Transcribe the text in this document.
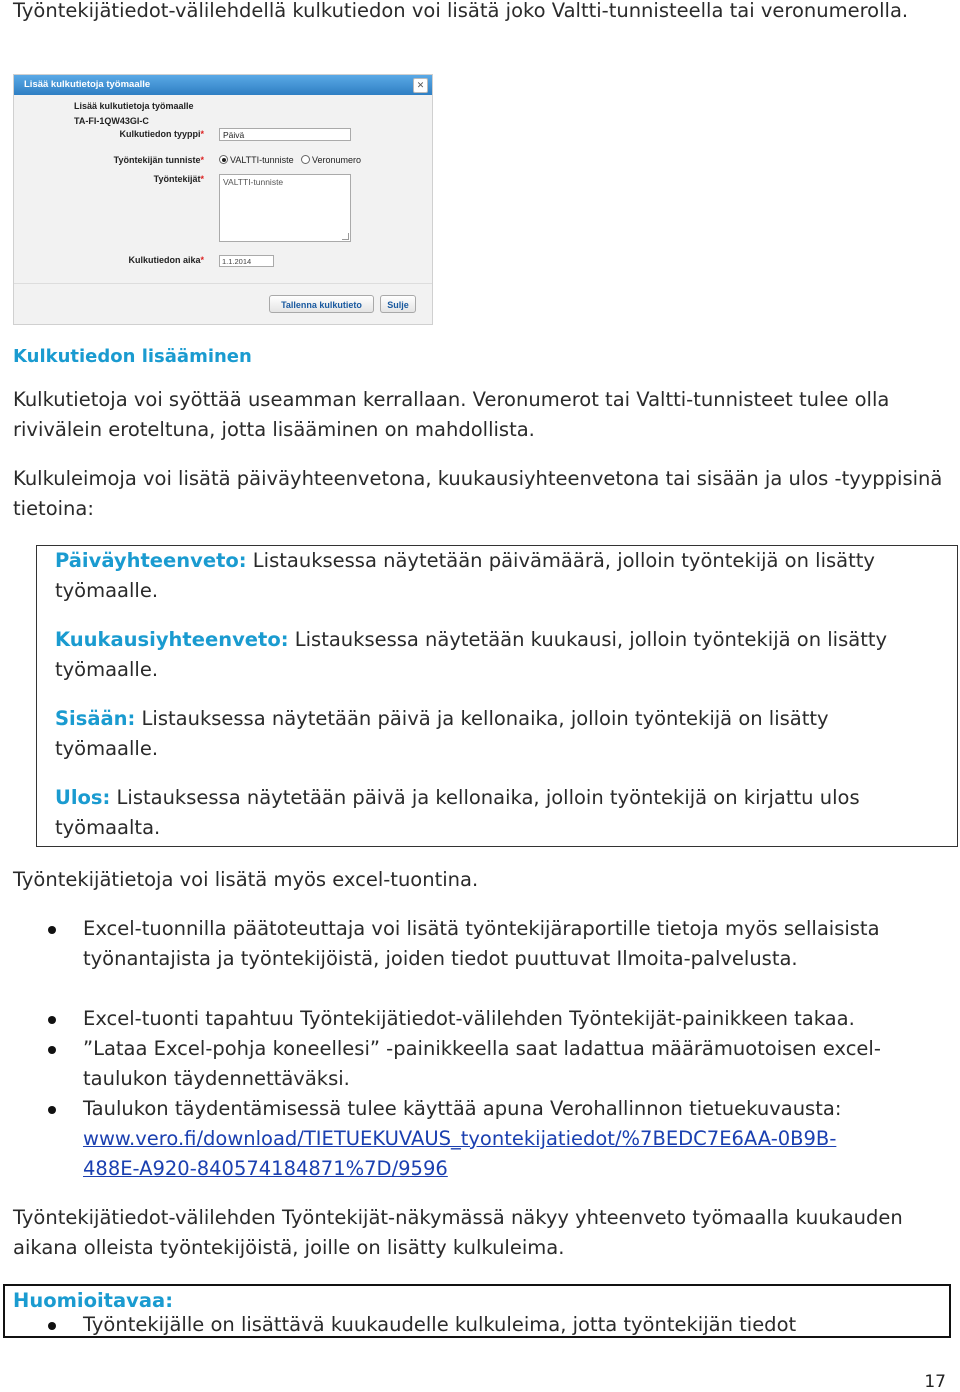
Työntekijätiedot-välilehdellä kulkutiedon voi lisätä joko Valtti-tunnisteella tai veronumerolla.

Lisää kulkutietoja työmaalle	✕
Lisää kulkutietoja työmaalle
TA-FI-1QW43GI-C
Kulkutiedon tyyppi*	Päivä
Työntekijän tunniste*	VALTTI-tunniste	Veronumero
Työntekijät*	VALTTI-tunniste
Kulkutiedon aika*	1.1.2014
Tallenna kulkutieto	Sulje
Kulkutiedon lisääminen

Kulkutietoja voi syöttää useamman kerrallaan. Veronumerot tai Valtti-tunnisteet tulee olla rivivälein eroteltuna, jotta lisääminen on mahdollista.

Kulkuleimoja voi lisätä päiväyhteenvetona, kuukausiyhteenvetona tai sisään ja ulos -tyyppisinä tietoina:

Päiväyhteenveto: Listauksessa näytetään päivämäärä, jolloin työntekijä on lisätty työmaalle.
Kuukausiyhteenveto: Listauksessa näytetään kuukausi, jolloin työntekijä on lisätty työmaalle.
Sisään: Listauksessa näytetään päivä ja kellonaika, jolloin työntekijä on lisätty työmaalle.
Ulos: Listauksessa näytetään päivä ja kellonaika, jolloin työntekijä on kirjattu ulos työmaalta.

Työntekijätietoja voi lisätä myös excel-tuontina.

Excel-tuonnilla päätoteuttaja voi lisätä työntekijäraportille tietoja myös sellaisista työnantajista ja työntekijöistä, joiden tiedot puuttuvat Ilmoita-palvelusta.
Excel-tuonti tapahtuu Työntekijätiedot-välilehden Työntekijät-painikkeen takaa.
”Lataa Excel-pohja koneellesi” -painikkeella saat ladattua määrämuotoisen excel-taulukon täydennettäväksi.
Taulukon täydentämisessä tulee käyttää apuna Verohallinnon tietuekuvausta:
www.vero.fi/download/TIETUEKUVAUS_tyontekijatiedot/%7BEDC7E6AA-0B9B-
488E-A920-840574184871%7D/9596

Työntekijätiedot-välilehden Työntekijät-näkymässä näkyy yhteenveto työmaalla kuukauden aikana olleista työntekijöistä, joille on lisätty kulkuleima.

Huomioitavaa:
Työntekijälle on lisättävä kuukaudelle kulkuleima, jotta työntekijän tiedot
17
